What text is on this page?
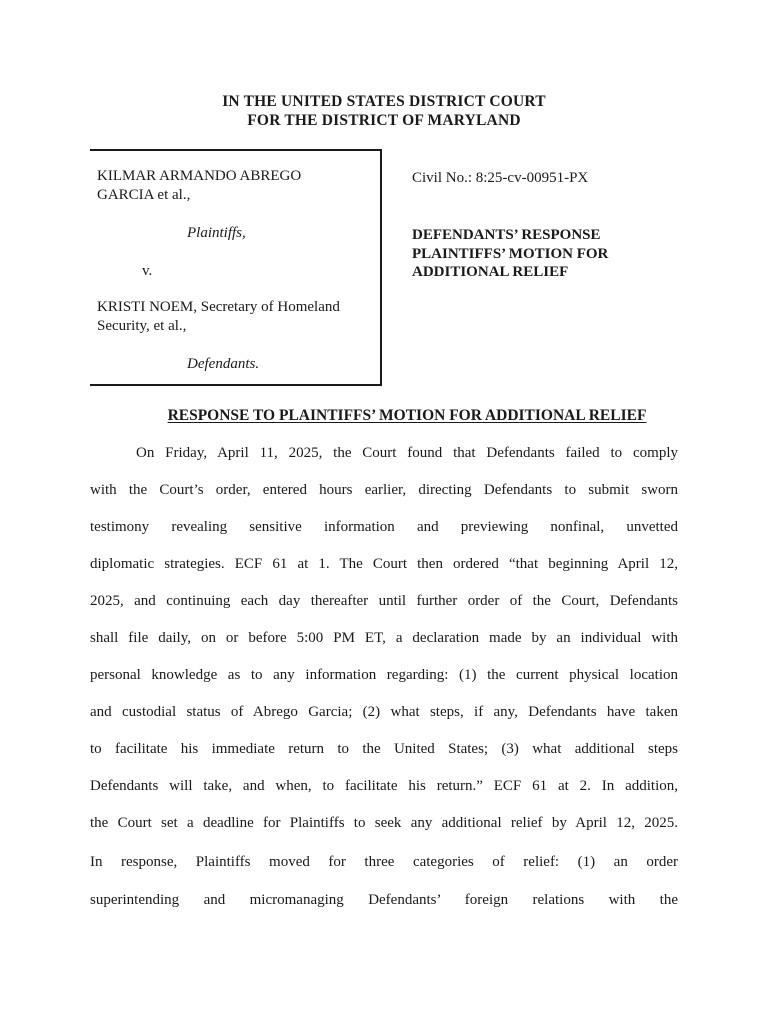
IN THE UNITED STATES DISTRICT COURT
FOR THE DISTRICT OF MARYLAND
KILMAR ARMANDO ABREGO
GARCIA et al.,
Plaintiffs,
v.
KRISTI NOEM, Secretary of Homeland
Security, et al.,
Defendants.
Civil No.: 8:25-cv-00951-PX
DEFENDANTS’ RESPONSE
PLAINTIFFS’ MOTION FOR
ADDITIONAL RELIEF
RESPONSE TO PLAINTIFFS’ MOTION FOR ADDITIONAL RELIEF
On Friday, April 11, 2025, the Court found that Defendants failed to comply
with the Court’s order, entered hours earlier, directing Defendants to submit sworn
testimony revealing sensitive information and previewing nonfinal, unvetted
diplomatic strategies. ECF 61 at 1. The Court then ordered “that beginning April 12,
2025, and continuing each day thereafter until further order of the Court, Defendants
shall file daily, on or before 5:00 PM ET, a declaration made by an individual with
personal knowledge as to any information regarding: (1) the current physical location
and custodial status of Abrego Garcia; (2) what steps, if any, Defendants have taken
to facilitate his immediate return to the United States; (3) what additional steps
Defendants will take, and when, to facilitate his return.” ECF 61 at 2. In addition,
the Court set a deadline for Plaintiffs to seek any additional relief by April 12, 2025.
In response, Plaintiffs moved for three categories of relief: (1) an order
superintending and micromanaging Defendants’ foreign relations with the
